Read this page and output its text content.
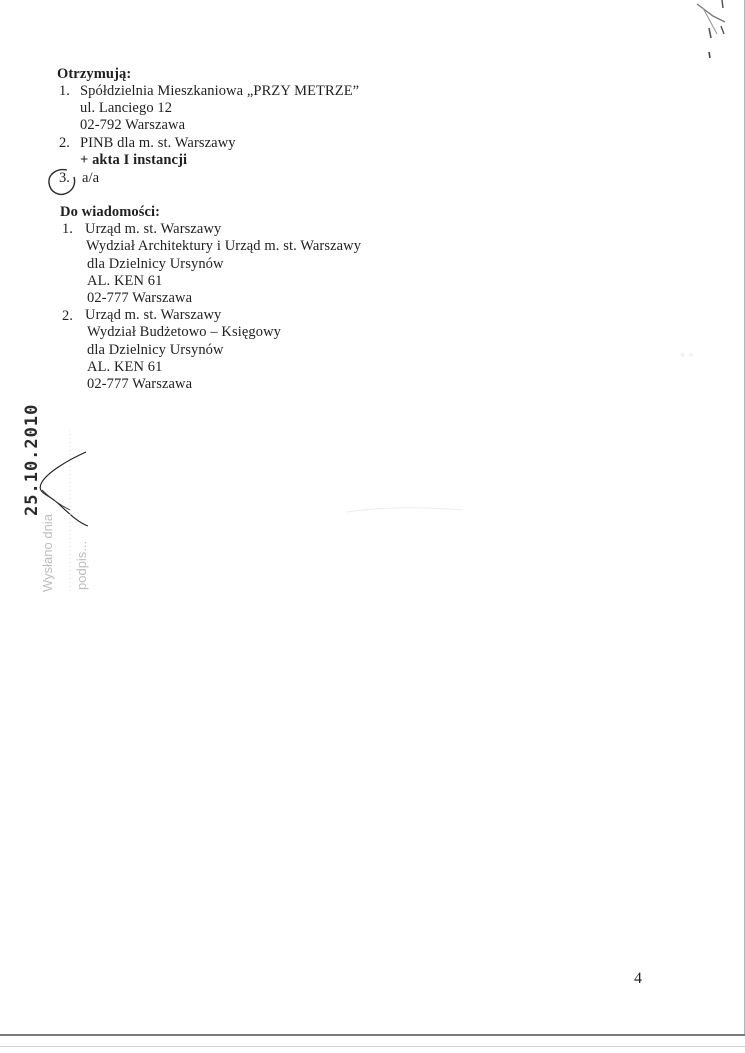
Otrzymują:
1. Spółdzielnia Mieszkaniowa „PRZY METRZE”
ul. Lanciego 12
02-792 Warszawa
2. PINB dla m. st. Warszawy
+ akta I instancji
3. a/a
Do wiadomości:
1. Urząd m. st. Warszawy
Wydział Architektury i Urząd m. st. Warszawy
dla Dzielnicy Ursynów
AL. KEN 61
02-777 Warszawa
2. Urząd m. st. Warszawy
Wydział Budżetowo – Księgowy
dla Dzielnicy Ursynów
AL. KEN 61
02-777 Warszawa
Wysłano dnia
25.10.2010
podpis...
◦ ◦
4
